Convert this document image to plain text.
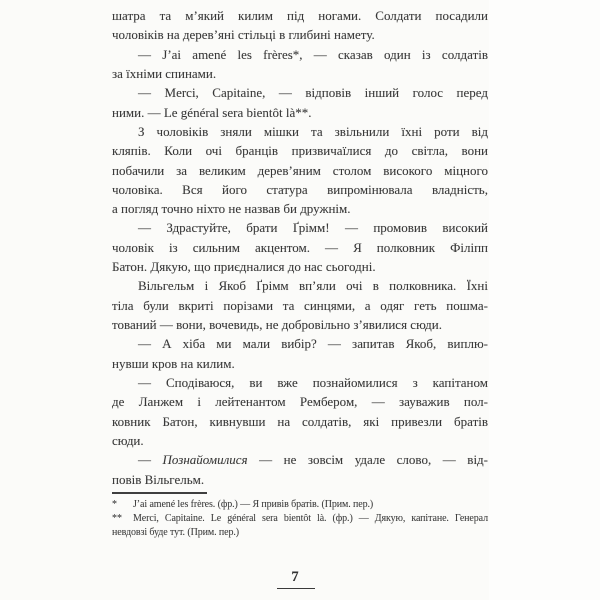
шатра та м’який килим під ногами. Солдати посадили
чоловіків на дерев’яні стільці в глибині намету.
— J’ai amené les frères*, — сказав один із солдатів
за їхніми спинами.
— Merci, Capitaine, — відповів інший голос перед
ними. — Le général sera bientôt là**.
З чоловіків зняли мішки та звільнили їхні роти від
кляпів. Коли очі бранців призвичаїлися до світла, вони
побачили за великим дерев’яним столом високого міцного
чоловіка. Вся його статура випромінювала владність,
а погляд точно ніхто не назвав би дружнім.
— Здрастуйте, брати Ґрімм! — промовив високий
чоловік із сильним акцентом. — Я полковник Філіпп
Батон. Дякую, що приєдналися до нас сьогодні.
Вільгельм і Якоб Ґрімм вп’яли очі в полковника. Їхні
тіла були вкриті порізами та синцями, а одяг геть пошма-
тований — вони, вочевидь, не добровільно з’явилися сюди.
— А хіба ми мали вибір? — запитав Якоб, виплю-
нувши кров на килим.
— Сподіваюся, ви вже познайомилися з капітаном
де Ланжем і лейтенантом Рембером, — зауважив пол-
ковник Батон, кивнувши на солдатів, які привезли братів
сюди.
— Познайомилися — не зовсім удале слово, — від-
повів Вільгельм.
* J’ai amené les frères. (фр.) — Я привів братів. (Прим. пер.)
** Merci, Capitaine. Le général sera bientôt là. (фр.) — Дякую, капітане. Генерал
невдовзі буде тут. (Прим. пер.)
7
